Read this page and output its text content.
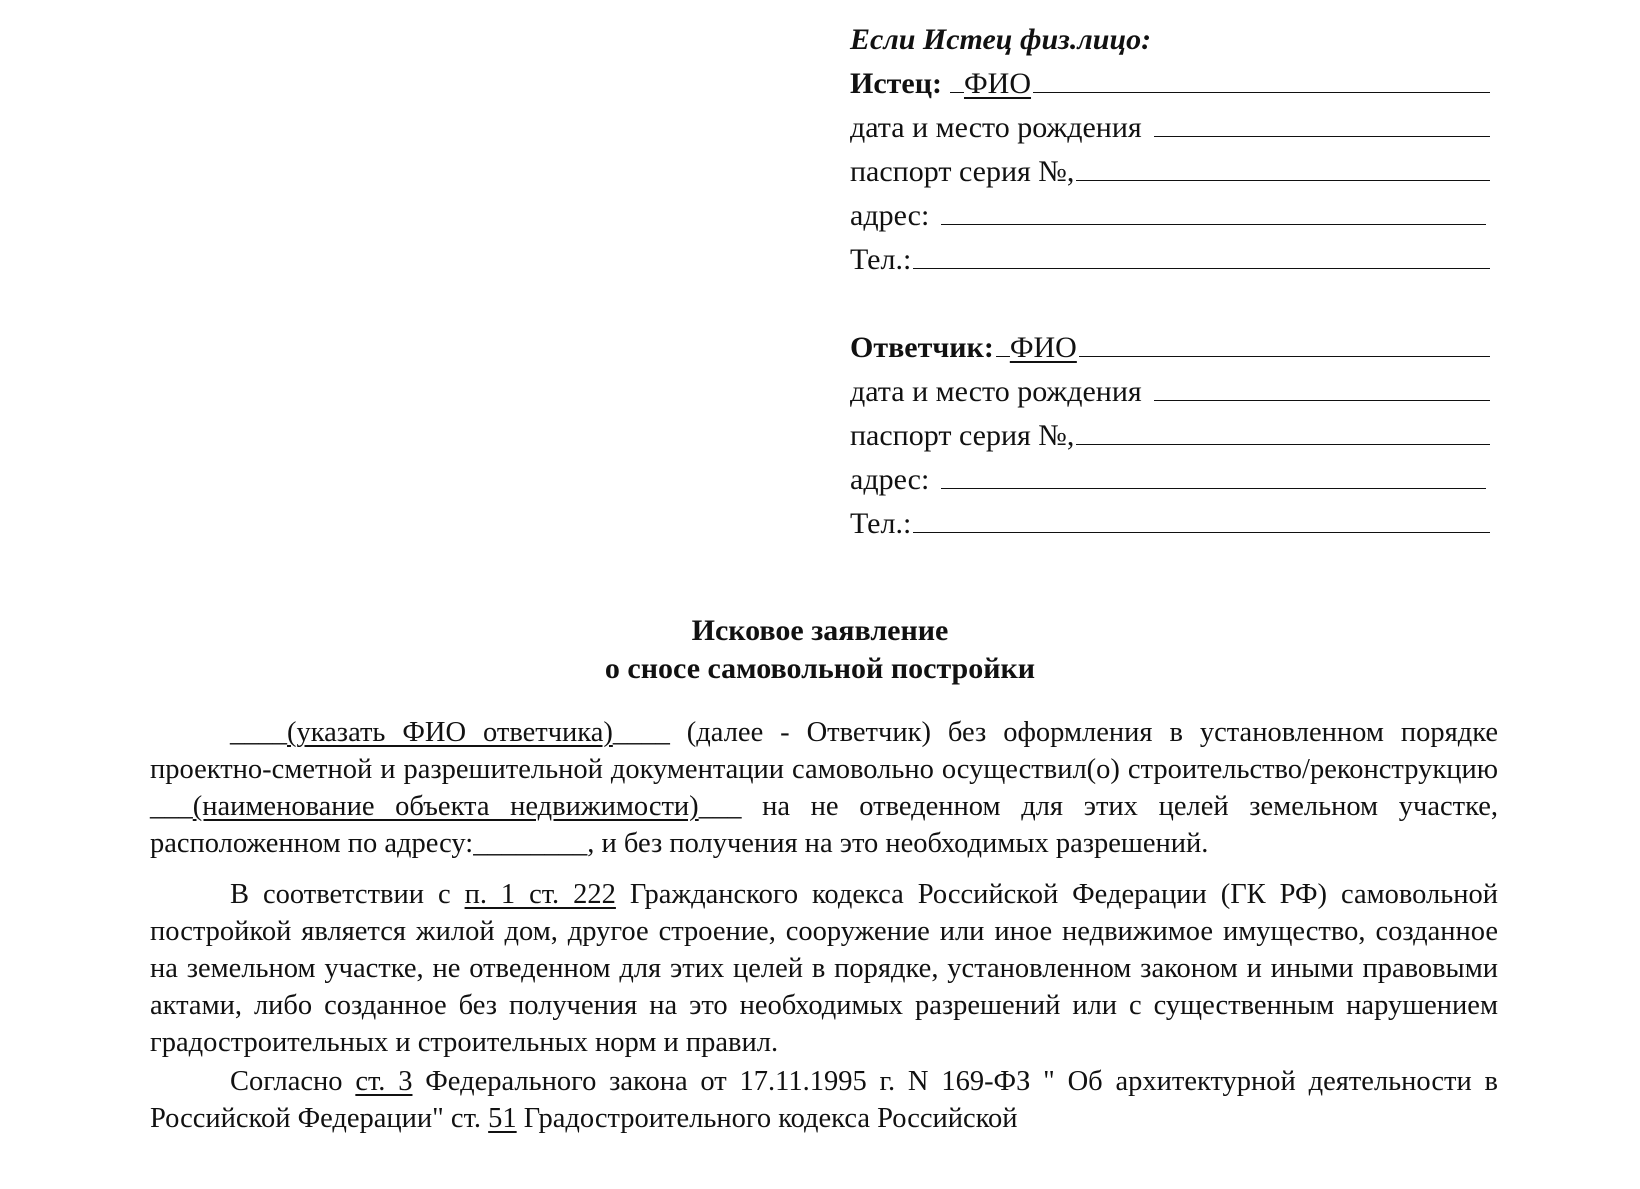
Если Истец физ.лицо:
Истец: ФИО
дата и место рождения
паспорт серия №,
адрес:
Тел.:
Ответчик: ФИО
дата и место рождения
паспорт серия №,
адрес:
Тел.:
Исковое заявление
о сносе самовольной постройки

____(указать ФИО ответчика)____ (далее - Ответчик) без оформления в установленном порядке проектно-сметной и разрешительной документации самовольно осуществил(о) строительство/реконструкцию ___(наименование объекта недвижимости)___ на не отведенном для этих целей земельном участке, расположенном по адресу:________, и без получения на это необходимых разрешений.

В соответствии с п. 1 ст. 222 Гражданского кодекса Российской Федерации (ГК РФ) самовольной постройкой является жилой дом, другое строение, сооружение или иное недвижимое имущество, созданное на земельном участке, не отведенном для этих целей в порядке, установленном законом и иными правовыми актами, либо созданное без получения на это необходимых разрешений или с существенным нарушением градостроительных и строительных норм и правил.

Согласно ст. 3 Федерального закона от 17.11.1995 г. N 169-ФЗ " Об архитектурной деятельности в Российской Федерации" ст. 51 Градостроительного кодекса Российской
